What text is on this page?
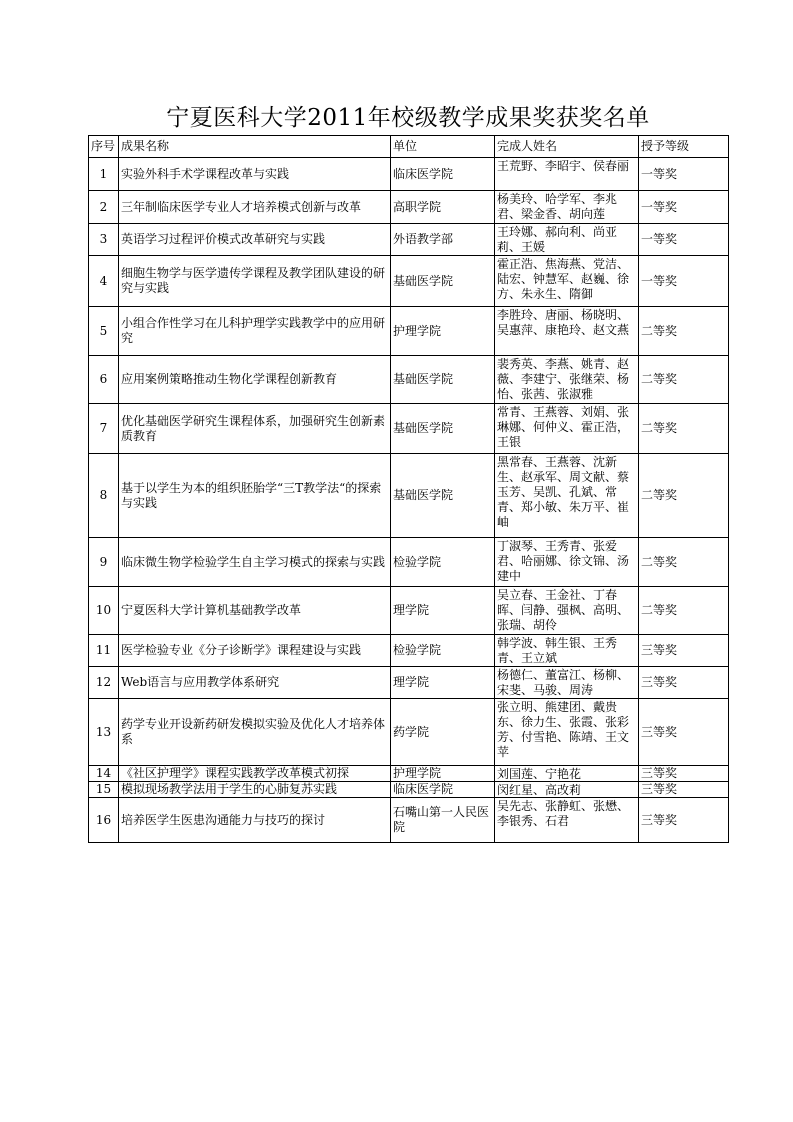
宁夏医科大学2011年校级教学成果奖获奖名单
序号	成果名称	单位	完成人姓名	授予等级
1	实验外科手术学课程改革与实践	临床医学院	王荒野、李昭宇、侯春丽	一等奖
2	三年制临床医学专业人才培养模式创新与改革	高职学院	杨美玲、哈学军、李兆君、梁金香、胡向莲	一等奖
3	英语学习过程评价模式改革研究与实践	外语教学部	王玲娜、郝向利、尚亚莉、王媛	一等奖
4	细胞生物学与医学遗传学课程及教学团队建设的研究与实践	基础医学院	霍正浩、焦海燕、党洁、陆宏、钟慧军、赵巍、徐方、朱永生、隋御	一等奖
5	小组合作性学习在儿科护理学实践教学中的应用研究	护理学院	李胜玲、唐丽、杨晓明、吴惠萍、康艳玲、赵文燕	二等奖
6	应用案例策略推动生物化学课程创新教育	基础医学院	裴秀英、李燕、姚青、赵薇、李建宁、张继荣、杨怡、张茜、张淑雅	二等奖
7	优化基础医学研究生课程体系，加强研究生创新素质教育	基础医学院	常青、王燕蓉、刘娟、张琳娜、何仲义、霍正浩，王银	二等奖
8	基于以学生为本的组织胚胎学“三T教学法“的探索与实践	基础医学院	黑常春、王燕蓉、沈新生、赵承军、周文献、蔡玉芳、吴凯、孔斌、常青、郑小敏、朱万平、崔岫	二等奖
9	临床微生物学检验学生自主学习模式的探索与实践	检验学院	丁淑琴、王秀青、张爱君、哈丽娜、徐文锦、汤建中	二等奖
10	宁夏医科大学计算机基础教学改革	理学院	吴立春、王金社、丁春晖、闫静、强枫、高明、张瑞、胡伶	二等奖
11	医学检验专业《分子诊断学》课程建设与实践	检验学院	韩学波、韩生银、王秀青、王立斌	三等奖
12	Web语言与应用教学体系研究	理学院	杨德仁、董富江、杨柳、宋斐、马骏、周涛	三等奖
13	药学专业开设新药研发模拟实验及优化人才培养体系	药学院	张立明、熊建团、戴贵东、徐力生、张霞、张彩芳、付雪艳、陈靖、王文苹	三等奖
14	《社区护理学》课程实践教学改革模式初探	护理学院	刘国莲、宁艳花	三等奖
15	模拟现场教学法用于学生的心肺复苏实践	临床医学院	闵红星、高改莉	三等奖
16	培养医学生医患沟通能力与技巧的探讨	石嘴山第一人民医院	吴先志、张静虹、张懋、李银秀、石君	三等奖
